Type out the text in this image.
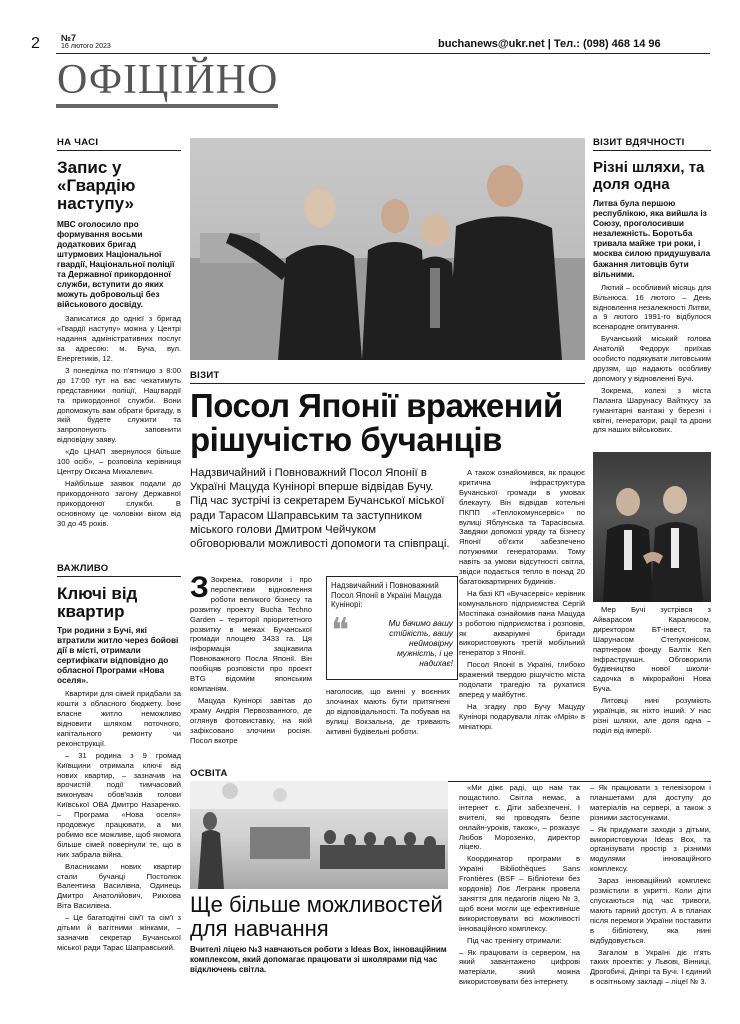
2 №7
16 лютого 2023	buchanews@ukr.net | Тел.: (098) 468 14 96
ОФІЦІЙНО
НА ЧАСІ
Запис у «Гвардію наступу»
МВС оголосило про формування восьми додаткових бригад штурмових Національної гвардії, Національної поліції та Державної прикордонної служби, вступити до яких можуть добровольці без військового досвіду.

Записатися до однієї з бригад «Гвардії наступу» можна у Центрі надання адміністративних послуг за адресою: м. Буча, вул. Енергетиків, 12.

З понеділка по п'ятницю з 8:00 до 17:00 тут на вас чекатимуть представники поліції, Нацгвардії та прикордонної служби. Вони допоможуть вам обрати бригаду, в якій будете служити та запропонують заповнити відповідну заяву.

«До ЦНАП звернулося більше 100 осіб», – розповіла керівниця Центру Оксана Михалевич.

Найбільше заявок подали до прикордонного загону Державної прикордонної служби. В основному це чоловіки віком від 30 до 45 років.

ВАЖЛИВО
Ключі від квартир
Три родини з Бучі, які втратили житло через бойові дії в місті, отримали сертифікати відповідно до обласної Програми «Нова оселя».

Квартири для сімей придбали за кошти з обласного бюджету. Їхнє власне житло неможливо відновити шляхом поточного, капітального ремонту чи реконструкції.

– 31 родина з 9 громад Київщини отримала ключі від нових квартир, – зазначив на врочистій події тимчасовий виконувач обов'язків голови Київської ОВА Дмитро Назаренко. – Програма «Нова оселя» продовжує працювати, а ми робимо все можливе, щоб якомога більше сімей повернули те, що в них забрала війна.

Власниками нових квартир стали бучанці Постолюк Валентина Василівна, Одинець Дмитро Анатолійович, Рикхова Віта Василівна.

– Це багатодітні сім'ї та сім'ї з дітьми й вагітними жінками, – зазначив секретар Бучанської міської ради Тарас Шаправський.

ВІЗИТ
Посол Японії вражений рішучістю бучанців
Надзвичайний і Повноважний Посол Японії в Україні Мацуда Кунінорі вперше відвідав Бучу. Під час зустрічі із секретарем Бучанської міської ради Тарасом Шаправським та заступником міського голови Дмитром Чейчуком обговорювали можливості допомоги та співпраці.

З Зокрема, говорили і про перспективи відновлення роботи великого бізнесу та розвитку проекту Bucha Techno Garden – території пріоритетного розвитку в межах Бучанської громади площею 3433 га. Ця інформація зацікавила Повноважного Посла Японії. Він пообіцяв розповісти про проект BTG відомим японським компаніям.

Мацуда Кунінорі завітав до храму Андрія Первозванного, де оглянув фотовиставку, на якій зафіксовано злочини росіян. Посол вкотре

Надзвичайний і Повноважний Посол Японії в Україні Мацуда Кунінорі:
❝	Ми бачимо вашу стійкість, вашу неймовірну мужність, і це надихає!
наголосив, що винні у воєнних злочинах мають бути притягнені до відповідальності. Та побував на вулиці Вокзальна, де тривають активні будівельні роботи.

А також ознайомився, як працює критична інфраструктура Бучанської громади в умовах блекауту. Він відвідав котельні ПКПП «Теплокомунсервіс» по вулиці Яблунська та Тарасівська. Завдяки допомозі уряду та бізнесу Японії об'єкти забезпечено потужними генераторами. Тому навіть за умови відсутності світла, звідси подається тепло в понад 20 багатоквартирних будинків.

На базі КП «Бучасервіс» керівник комунального підприємства Сергій Мостіпака ознайомив пана Мацуда з роботою підприємства і розповів, як акваріумні бригади використовують третій мобільний генератор з Японії.

Посол Японії в Україні, глибоко вражений твердою рішучістю міста подолати трагедію та рухатися вперед у майбутнє.

На згадку про Бучу Мацуду Кунінорі подарували літак «Мрія» в мініатюрі.

ВІЗИТ ВДЯЧНОСТІ
Різні шляхи, та доля одна
Литва була першою республікою, яка вийшла із Союзу, проголосивши незалежність. Боротьба тривала майже три роки, і москва силою придушувала бажання литовців бути вільними.

Лютий – особливий місяць для Вільнюса. 16 лютого – День відновлення незалежності Литви, а 9 лютого 1991-го відбулося всенародне опитування.

Бучанський міський голова Анатолій Федорук приїхав особисто подякувати литовським друзям, що надають особливу допомогу у відновленні Бучі.

Зокрема, колезі з міста Паланга Шарунасу Вайткусу за гуманітарні вантажі у березні і квітні, генератори, рації та дрони для наших військових.

Мер Бучі зустрівся з Айварасом Каралюсом, директором БТ-інвест, та Шарунасом Степуконісом, партнером фонду Балтік Кеп Інфраструкшн. Обговорили будівництво нової школи-садочка в мікрорайоні Нова Буча.

Литовці нині розуміють українців, як ніхто інший. У нас різні шляхи, але доля одна – поділ від імперії.

ОСВІТА
Ще більше можливостей для навчання
Вчителі ліцею №3 навчаються роботи з Ideas Box, інноваційним комплексом, який допомагає працювати зі школярами під час відключень світла.

«Ми діжє раді, що нам так пощастило. Світла немає, а інтернет є. Діти забезпечені. І вчителі, які проводять безпе онлайн-уроків, також», – розказує Любов Морозенко, директор ліцею.

Координатор програми в Україні Bibliothèques Sans Frontières (BSF – Бібліотеки без кордонів) Лоє Легранж провела заняття для педагогів ліцею № 3, щоб вони могли ще ефективніше використовувати всі можливості інноваційного комплексу.

Під час тренінгу отримали:

– Як працювати із сервером, на який завантажено цифрові матеріали, який можна використовувати без інтернету.

– Як працювати з телевізором і планшетами для доступу до матеріалів на сервері, а також з різними застосунками.

– Як придумати заходи з дітьми, використовуючи Ideas Box, та організувати простір з різними модулями інноваційного комплексу.

Зараз інноваційний комплекс розмістили в укритті. Коли діти спускаються під час тривоги, мають гарний доступ. А в планах після перемоги України поставити в бібліотеку, яка нині відбудовується.

Загалом в Україні діє п'ять таких проектів: у Львові, Вінниці, Дрогобичі, Дніпрі та Бучі. І єдиний в освітньому закладі – ліцеї № 3.
